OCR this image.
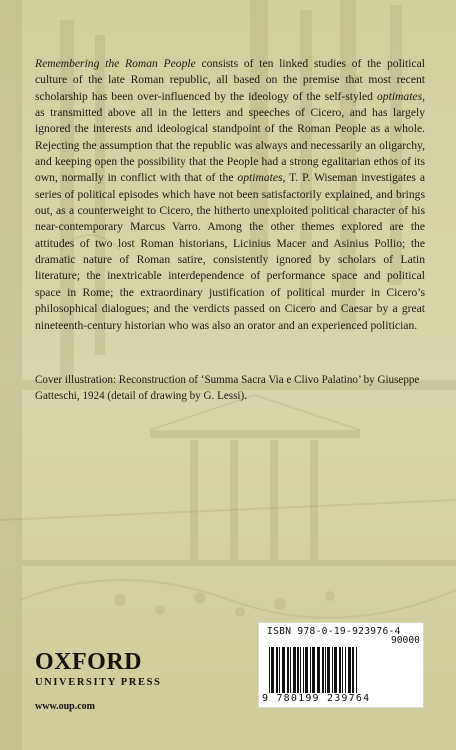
Remembering the Roman People consists of ten linked studies of the political culture of the late Roman republic, all based on the premise that most recent scholarship has been over-influenced by the ideology of the self-styled optimates, as transmitted above all in the letters and speeches of Cicero, and has largely ignored the interests and ideological standpoint of the Roman People as a whole. Rejecting the assumption that the republic was always and necessarily an oligarchy, and keeping open the possibility that the People had a strong egalitarian ethos of its own, normally in conflict with that of the optimates, T. P. Wiseman investigates a series of political episodes which have not been satisfactorily explained, and brings out, as a counterweight to Cicero, the hitherto unexploited political character of his near-contemporary Marcus Varro. Among the other themes explored are the attitudes of two lost Roman historians, Licinius Macer and Asinius Pollio; the dramatic nature of Roman satire, consistently ignored by scholars of Latin literature; the inextricable interdependence of performance space and political space in Rome; the extraordinary justification of political murder in Cicero’s philosophical dialogues; and the verdicts passed on Cicero and Caesar by a great nineteenth-century historian who was also an orator and an experienced politician.
Cover illustration: Reconstruction of ‘Summa Sacra Via e Clivo Palatino’ by Giuseppe Gatteschi, 1924 (detail of drawing by G. Lessi).
OXFORD
UNIVERSITY PRESS
www.oup.com
ISBN 978-0-19-923976-4
90000
9 780199 239764
